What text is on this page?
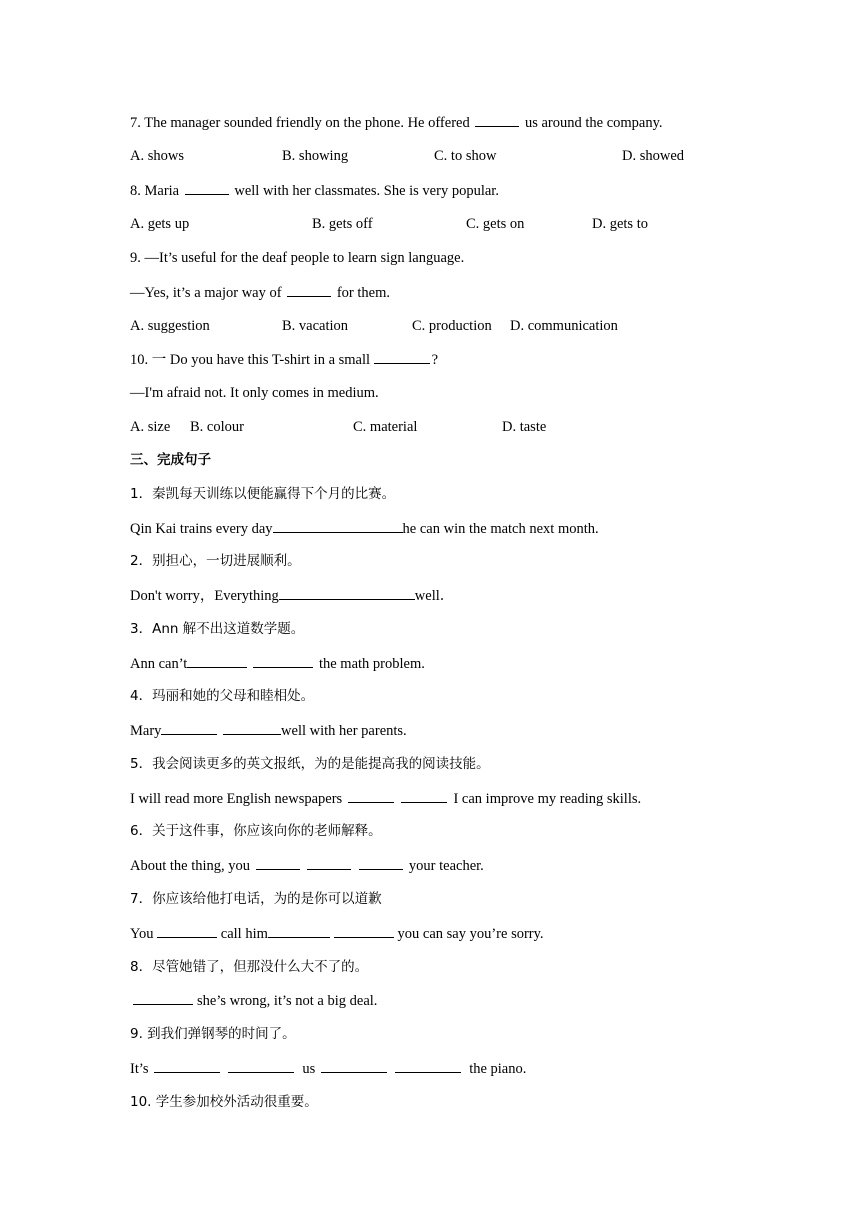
7. The manager sounded friendly on the phone. He offered	us around the company.
A. shows	B. showing	C. to show	D. showed
8. Maria	well with her classmates. She is very popular.
A. gets up	B. gets off	C. gets on	D. gets to
9. —It’s useful for the deaf people to learn sign language.
—Yes, it’s a major way of	for them.
A. suggestion	B. vacation	C. production D. communication
10. 一 Do you have this T-shirt in a small	?
—I'm afraid not. It only comes in medium.
A. size B. colour	C. material	D. taste
三、完成句子
1．秦凯每天训练以便能赢得下个月的比赛。
Qin Kai trains every day	he can win the match next month.
2．别担心，一切进展顺利。
Don't worry，Everything	well．
3．Ann 解不出这道数学题。
Ann can’t	the math problem.
4．玛丽和她的父母和睦相处。
Mary	well with her parents.
5．我会阅读更多的英文报纸，为的是能提高我的阅读技能。
I will read more English newspapers	I can improve my reading skills.
6．关于这件事，你应该向你的老师解释。
About the thing, you	your teacher.
7．你应该给他打电话，为的是你可以道歉
You	call him	you can say you’re sorry.
8．尽管她错了，但那没什么大不了的。
she’s wrong, it’s not a big deal.
9. 到我们弹钢琴的时间了。
It’s	us	the piano.
10. 学生参加校外活动很重要。
